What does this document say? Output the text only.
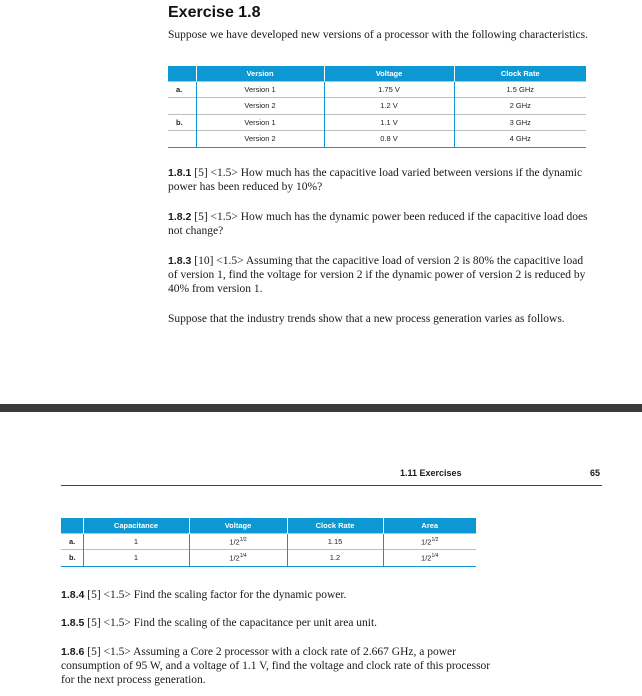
Exercise 1.8
Suppose we have developed new versions of a processor with the following characteristics.
	Version	Voltage	Clock Rate
a.	Version 1	1.75 V	1.5 GHz
	Version 2	1.2 V	2 GHz
b.	Version 1	1.1 V	3 GHz
	Version 2	0.8 V	4 GHz
1.8.1 [5] <1.5> How much has the capacitive load varied between versions if the dynamic power has been reduced by 10%?
1.8.2 [5] <1.5> How much has the dynamic power been reduced if the capacitive load does not change?
1.8.3 [10] <1.5> Assuming that the capacitive load of version 2 is 80% the capacitive load of version 1, find the voltage for version 2 if the dynamic power of version 2 is reduced by 40% from version 1.
Suppose that the industry trends show that a new process generation varies as follows.
1.11 Exercises	65
	Capacitance	Voltage	Clock Rate	Area
a.	1	$1/2^{1/2}$	1.15	$1/2^{1/2}$
b.	1	$1/2^{1/4}$	1.2	$1/2^{1/4}$
1.8.4 [5] <1.5> Find the scaling factor for the dynamic power.
1.8.5 [5] <1.5> Find the scaling of the capacitance per unit area unit.
1.8.6 [5] <1.5> Assuming a Core 2 processor with a clock rate of 2.667 GHz, a power consumption of 95 W, and a voltage of 1.1 V, find the voltage and clock rate of this processor for the next process generation.
